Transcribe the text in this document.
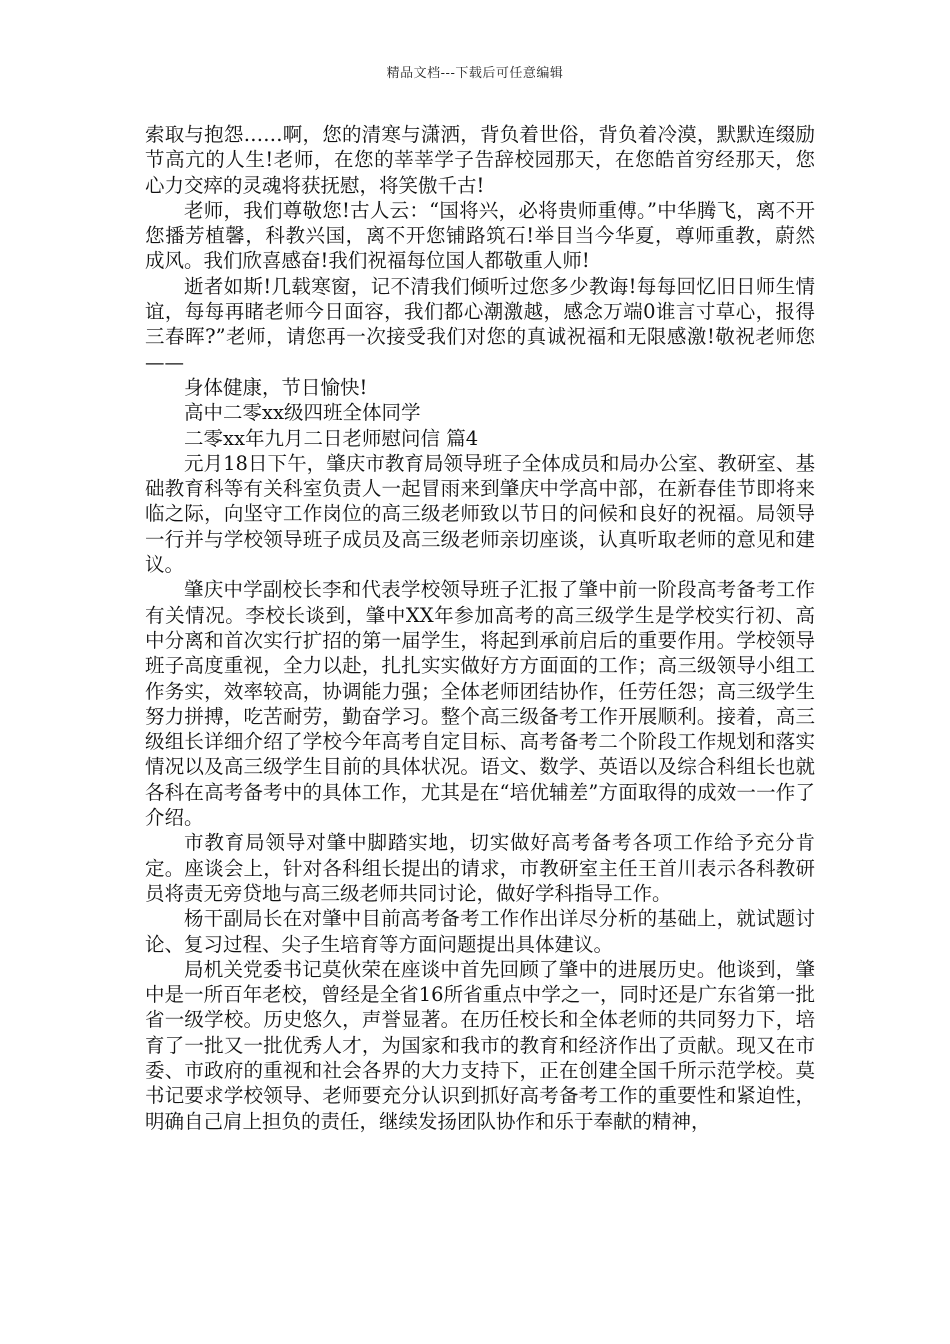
精品文档---下载后可任意编辑

索取与抱怨……啊，您的清寒与潇洒，背负着世俗，背负着冷漠，默默连缀励节高亢的人生!老师，在您的莘莘学子告辞校园那天，在您皓首穷经那天，您心力交瘁的灵魂将获抚慰，将笑傲千古!

老师，我们尊敬您!古人云：“国将兴，必将贵师重傅。”中华腾飞，离不开您播芳植馨，科教兴国，离不开您铺路筑石!举目当今华夏，尊师重教，蔚然成风。我们欣喜感奋!我们祝福每位国人都敬重人师!

逝者如斯!几载寒窗，记不清我们倾听过您多少教诲!每每回忆旧日师生情谊，每每再睹老师今日面容，我们都心潮激越，感念万端0谁言寸草心，报得三春晖?”老师，请您再一次接受我们对您的真诚祝福和无限感激!敬祝老师您——

身体健康，节日愉快!

高中二零xx级四班全体同学

二零xx年九月二日老师慰问信 篇4

元月18日下午，肇庆市教育局领导班子全体成员和局办公室、教研室、基础教育科等有关科室负责人一起冒雨来到肇庆中学高中部，在新春佳节即将来临之际，向坚守工作岗位的高三级老师致以节日的问候和良好的祝福。局领导一行并与学校领导班子成员及高三级老师亲切座谈，认真听取老师的意见和建议。

肇庆中学副校长李和代表学校领导班子汇报了肇中前一阶段高考备考工作有关情况。李校长谈到，肇中XX年参加高考的高三级学生是学校实行初、高中分离和首次实行扩招的第一届学生，将起到承前启后的重要作用。学校领导班子高度重视，全力以赴，扎扎实实做好方方面面的工作；高三级领导小组工作务实，效率较高，协调能力强；全体老师团结协作，任劳任怨；高三级学生努力拼搏，吃苦耐劳，勤奋学习。整个高三级备考工作开展顺利。接着，高三级组长详细介绍了学校今年高考自定目标、高考备考二个阶段工作规划和落实情况以及高三级学生目前的具体状况。语文、数学、英语以及综合科组长也就各科在高考备考中的具体工作，尤其是在“培优辅差”方面取得的成效一一作了介绍。

市教育局领导对肇中脚踏实地，切实做好高考备考各项工作给予充分肯定。座谈会上，针对各科组长提出的请求，市教研室主任王首川表示各科教研员将责无旁贷地与高三级老师共同讨论，做好学科指导工作。

杨干副局长在对肇中目前高考备考工作作出详尽分析的基础上，就试题讨论、复习过程、尖子生培育等方面问题提出具体建议。

局机关党委书记莫伙荣在座谈中首先回顾了肇中的进展历史。他谈到，肇中是一所百年老校，曾经是全省16所省重点中学之一，同时还是广东省第一批省一级学校。历史悠久，声誉显著。在历任校长和全体老师的共同努力下，培育了一批又一批优秀人才，为国家和我市的教育和经济作出了贡献。现又在市委、市政府的重视和社会各界的大力支持下，正在创建全国千所示范学校。莫书记要求学校领导、老师要充分认识到抓好高考备考工作的重要性和紧迫性，明确自己肩上担负的责任，继续发扬团队协作和乐于奉献的精神，
